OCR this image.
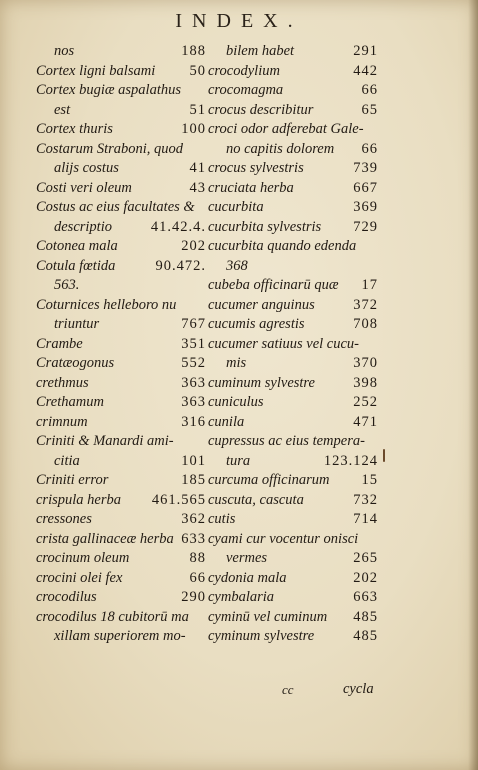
INDEX.
nos	188
Cortex ligni balsami 50
Cortex bugiæ aspalathus
est	51
Cortex thuris	100
Costarum Straboni, quod
alijs costus	41
Costi veri oleum	43
Costus ac eius facultates &
descriptio	41.42.4.
Cotonea mala	202
Cotula fœtida	90.472.
563.
Coturnices helleboro nu
triuntur	767
Crambe	351
Cratæogonus	552
crethmus	363
Crethamum	363
crimnum	316
Criniti & Manardi ami-
citia	101
Criniti error	185
crispula herba 461.565
cressones	362
crista gallinaceæ herba 633
crocinum oleum	88
crocini olei fex	66
crocodilus	290
crocodilus 18 cubitorū ma
xillam superiorem mo-
bilem habet	291
crocodylium	442
crocomagma	66
crocus describitur	65
croci odor adferebat Gale-
no capitis dolorem 66
crocus sylvestris	739
cruciata herba	667
cucurbita	369
cucurbita sylvestris 729
cucurbita quando edenda
368
cubeba officinarū quæ 17
cucumer anguinus	372
cucumis agrestis	708
cucumer satiuus vel cucu-
mis	370
cuminum sylvestre	398
cuniculus	252
cunila	471
cupressus ac eius tempera-
tura	123.124
curcuma officinarum 15
cuscuta, cascuta	732
cutis	714
cyami cur vocentur onisci
vermes	265
cydonia mala	202
cymbalaria	663
cyminū vel cuminum 485
cyminum sylvestre	485
cc	cycla
